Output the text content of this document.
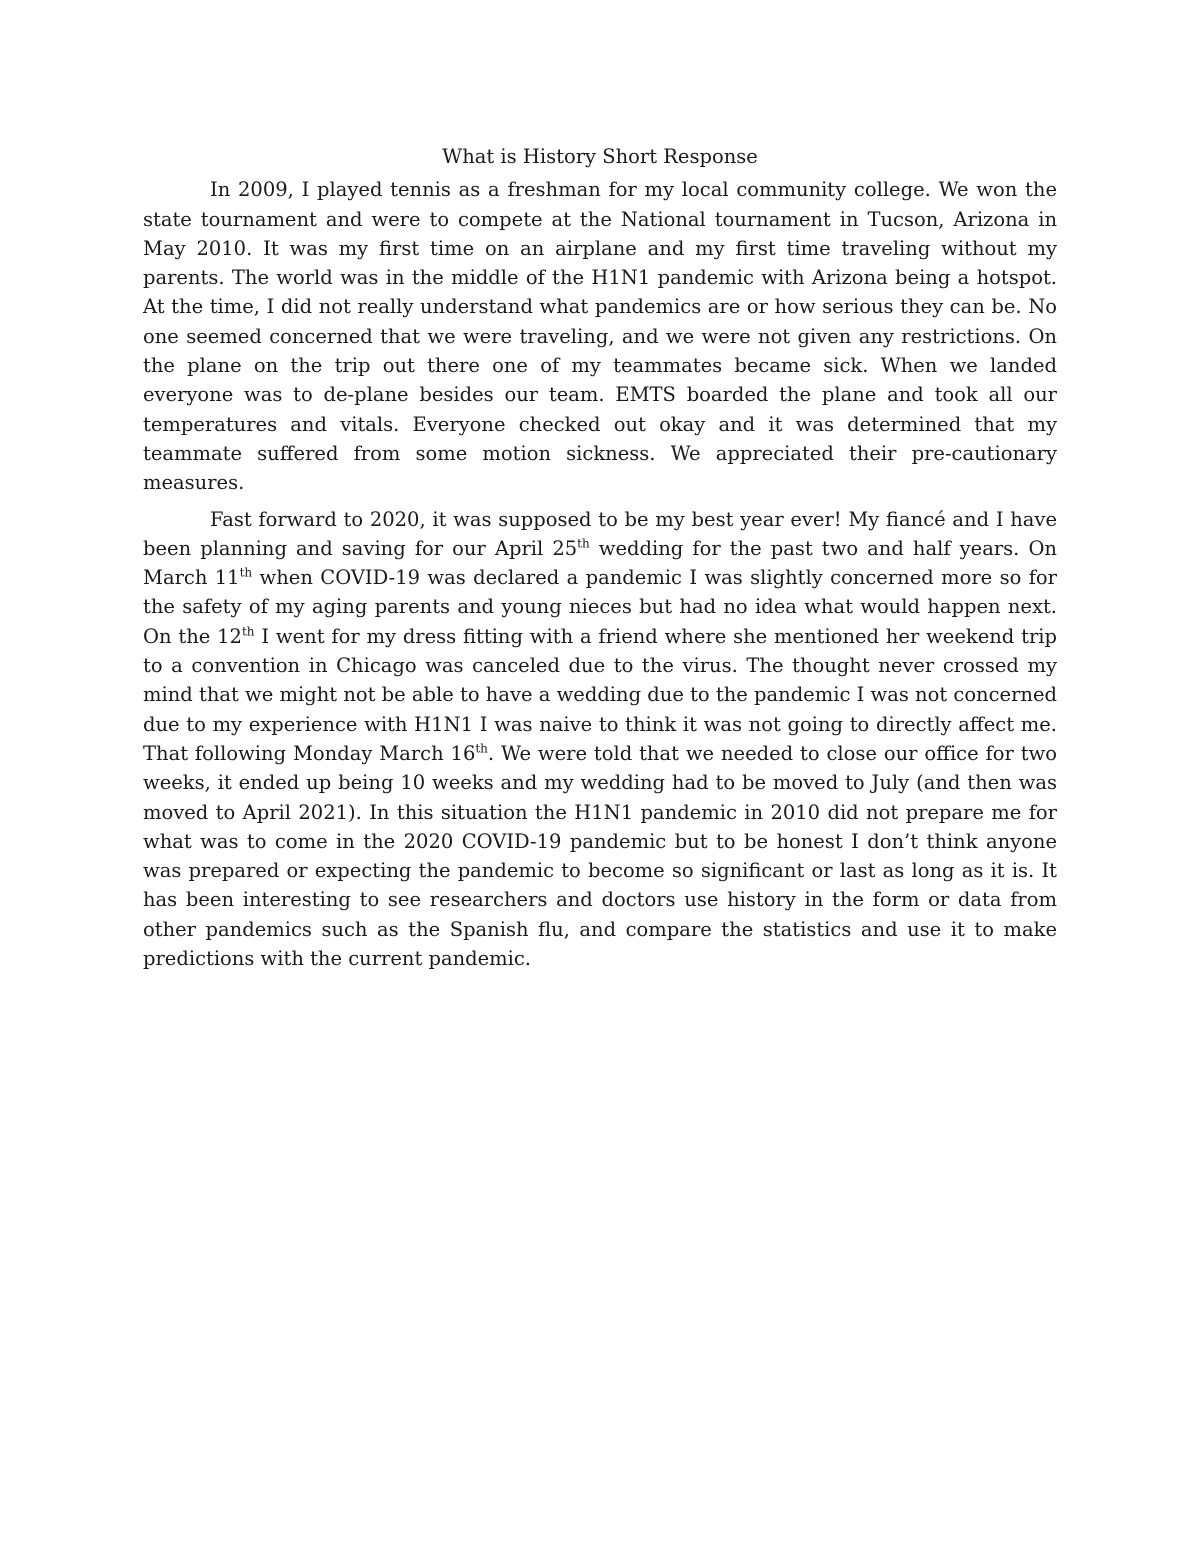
What is History Short Response

In 2009, I played tennis as a freshman for my local community college. We won the state tournament and were to compete at the National tournament in Tucson, Arizona in May 2010. It was my first time on an airplane and my first time traveling without my parents. The world was in the middle of the H1N1 pandemic with Arizona being a hotspot. At the time, I did not really understand what pandemics are or how serious they can be. No one seemed concerned that we were traveling, and we were not given any restrictions. On the plane on the trip out there one of my teammates became sick. When we landed everyone was to de-plane besides our team. EMTS boarded the plane and took all our temperatures and vitals. Everyone checked out okay and it was determined that my teammate suffered from some motion sickness. We appreciated their pre-cautionary measures.

Fast forward to 2020, it was supposed to be my best year ever! My fiancé and I have been planning and saving for our April 25th wedding for the past two and half years. On March 11th when COVID-19 was declared a pandemic I was slightly concerned more so for the safety of my aging parents and young nieces but had no idea what would happen next. On the 12th I went for my dress fitting with a friend where she mentioned her weekend trip to a convention in Chicago was canceled due to the virus. The thought never crossed my mind that we might not be able to have a wedding due to the pandemic I was not concerned due to my experience with H1N1 I was naive to think it was not going to directly affect me. That following Monday March 16th. We were told that we needed to close our office for two weeks, it ended up being 10 weeks and my wedding had to be moved to July (and then was moved to April 2021). In this situation the H1N1 pandemic in 2010 did not prepare me for what was to come in the 2020 COVID-19 pandemic but to be honest I don’t think anyone was prepared or expecting the pandemic to become so significant or last as long as it is. It has been interesting to see researchers and doctors use history in the form or data from other pandemics such as the Spanish flu, and compare the statistics and use it to make predictions with the current pandemic.
